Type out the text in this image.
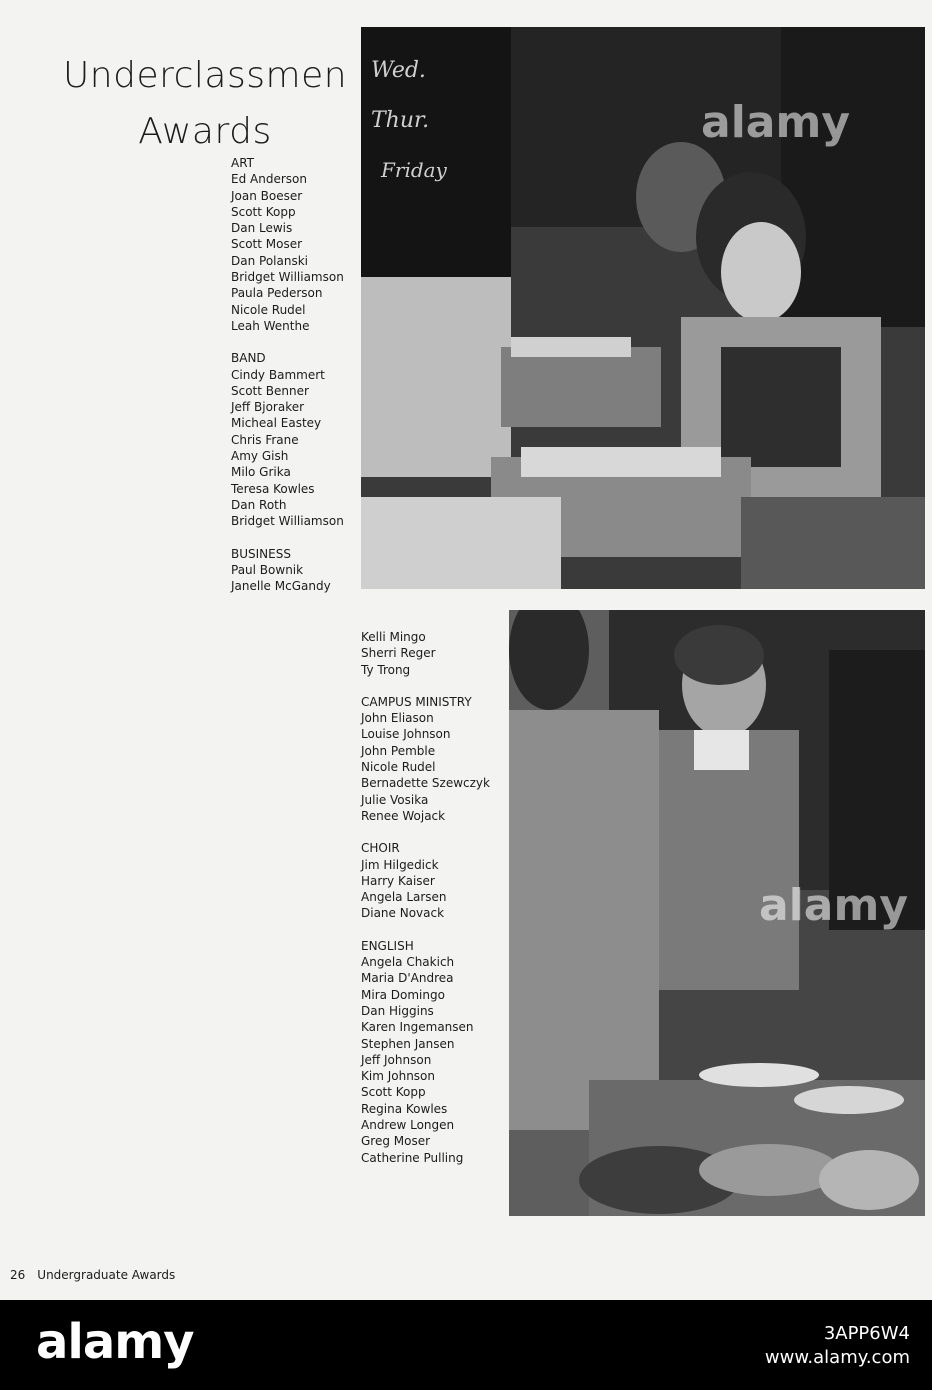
Underclassmen
Awards
ART
Ed Anderson
Joan Boeser
Scott Kopp
Dan Lewis
Scott Moser
Dan Polanski
Bridget Williamson
Paula Pederson
Nicole Rudel
Leah Wenthe
BAND
Cindy Bammert
Scott Benner
Jeff Bjoraker
Micheal Eastey
Chris Frane
Amy Gish
Milo Grika
Teresa Kowles
Dan Roth
Bridget Williamson
BUSINESS
Paul Bownik
Janelle McGandy
Kelli Mingo
Sherri Reger
Ty Trong
CAMPUS MINISTRY
John Eliason
Louise Johnson
John Pemble
Nicole Rudel
Bernadette Szewczyk
Julie Vosika
Renee Wojack
CHOIR
Jim Hilgedick
Harry Kaiser
Angela Larsen
Diane Novack
ENGLISH
Angela Chakich
Maria D'Andrea
Mira Domingo
Dan Higgins
Karen Ingemansen
Stephen Jansen
Jeff Johnson
Kim Johnson
Scott Kopp
Regina Kowles
Andrew Longen
Greg Moser
Catherine Pulling
Wed.
Thur.
Friday
alamy
alamy
26 Undergraduate Awards
alamy	3APP6W4
www.alamy.com
